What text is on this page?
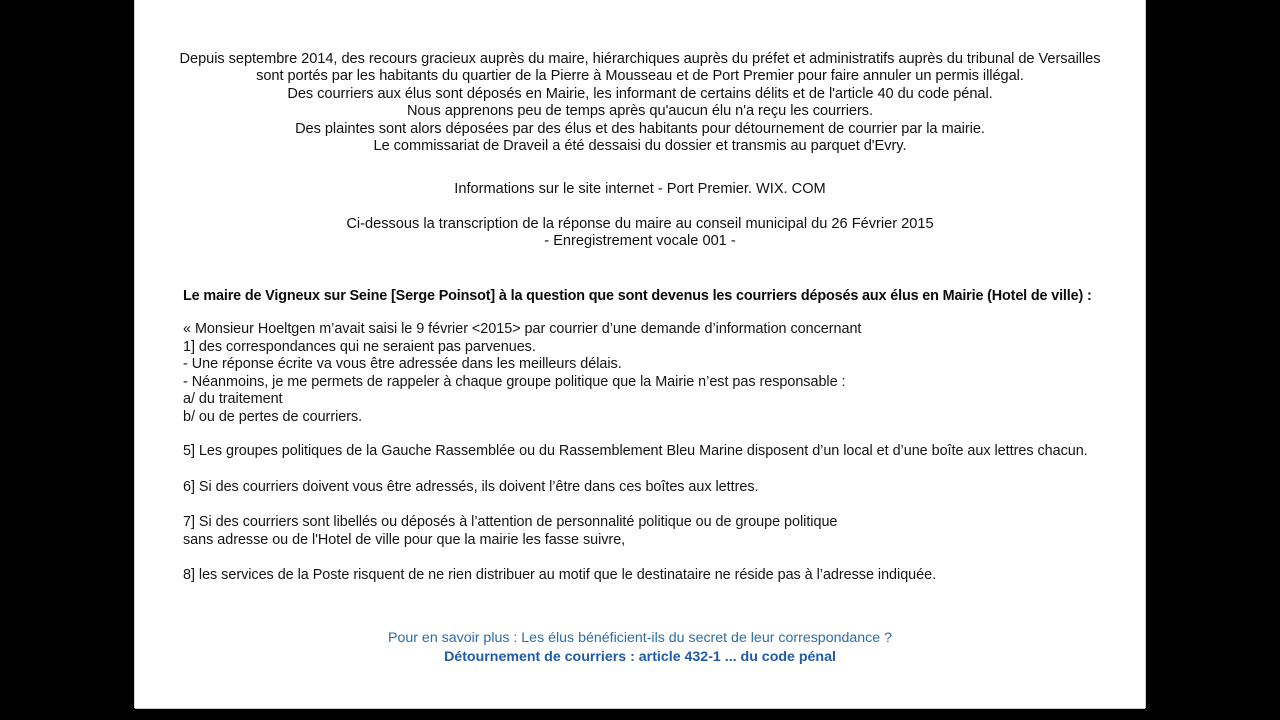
Depuis septembre 2014, des recours gracieux auprès du maire, hiérarchiques auprès du préfet et administratifs auprès du tribunal de Versailles
sont portés par les habitants du quartier de la Pierre à Mousseau et de Port Premier pour faire annuler un permis illégal.
Des courriers aux élus sont déposés en Mairie, les informant de certains délits et de l'article 40 du code pénal.
Nous apprenons peu de temps après qu'aucun élu n'a reçu les courriers.
Des plaintes sont alors déposées par des élus et des habitants pour détournement de courrier par la mairie.
Le commissariat de Draveil a été dessaisi du dossier et transmis au parquet d'Evry.
Informations sur le site internet - Port Premier. WIX. COM
Ci-dessous la transcription de la réponse du maire au conseil municipal du 26 Février 2015
- Enregistrement vocale 001 -
Le maire de Vigneux sur Seine [Serge Poinsot] à la question que sont devenus les courriers déposés aux élus en Mairie (Hotel de ville) :

« Monsieur Hoeltgen m’avait saisi le 9 février <2015> par courrier d’une demande d’information concernant

1] des correspondances qui ne seraient pas parvenues.

- Une réponse écrite va vous être adressée dans les meilleurs délais.

- Néanmoins, je me permets de rappeler à chaque groupe politique que la Mairie n’est pas responsable :

a/ du traitement

b/ ou de pertes de courriers.

5] Les groupes politiques de la Gauche Rassemblée ou du Rassemblement Bleu Marine disposent d’un local et d’une boîte aux lettres chacun.
6] Si des courriers doivent vous être adressés, ils doivent l’être dans ces boîtes aux lettres.

7] Si des courriers sont libellés ou déposés à l’attention de personnalité politique ou de groupe politique

sans adresse ou de l'Hotel de ville pour que la mairie les fasse suivre,

8] les services de la Poste risquent de ne rien distribuer au motif que le destinataire ne réside pas à l’adresse indiquée.
Pour en savoir plus : Les élus bénéficient-ils du secret de leur correspondance ?
Détournement de courriers : article 432-1 ... du code pénal
